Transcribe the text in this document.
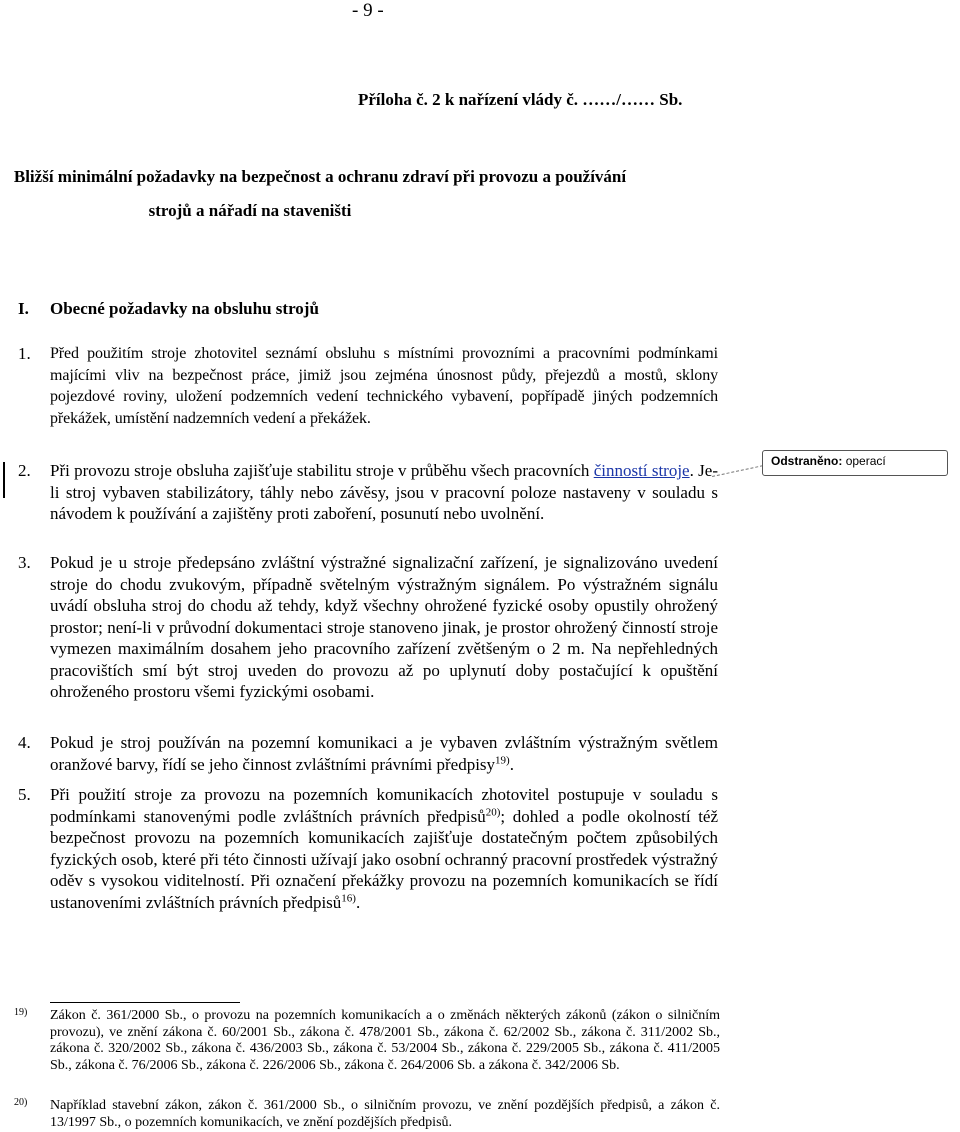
- 9 -
Příloha č. 2 k nařízení vlády č. ……/…… Sb.
Bližší minimální požadavky na bezpečnost a ochranu zdraví při provozu a používání
strojů a nářadí na staveništi
I. Obecné požadavky na obsluhu strojů
1. Před použitím stroje zhotovitel seznámí obsluhu s místními provozními a pracovními podmínkami majícími vliv na bezpečnost práce, jimiž jsou zejména únosnost půdy, přejezdů a mostů, sklony pojezdové roviny, uložení podzemních vedení technického vybavení, popřípadě jiných podzemních překážek, umístění nadzemních vedení a překážek.
2. Při provozu stroje obsluha zajišťuje stabilitu stroje v průběhu všech pracovních činností stroje. Je-li stroj vybaven stabilizátory, táhly nebo závěsy, jsou v pracovní poloze nastaveny v souladu s návodem k používání a zajištěny proti zaboření, posunutí nebo uvolnění.
Odstraněno: operací
3. Pokud je u stroje předepsáno zvláštní výstražné signalizační zařízení, je signalizováno uvedení stroje do chodu zvukovým, případně světelným výstražným signálem. Po výstražném signálu uvádí obsluha stroj do chodu až tehdy, když všechny ohrožené fyzické osoby opustily ohrožený prostor; není-li v průvodní dokumentaci stroje stanoveno jinak, je prostor ohrožený činností stroje vymezen maximálním dosahem jeho pracovního zařízení zvětšeným o 2 m. Na nepřehledných pracovištích smí být stroj uveden do provozu až po uplynutí doby postačující k opuštění ohroženého prostoru všemi fyzickými osobami.
4. Pokud je stroj používán na pozemní komunikaci a je vybaven zvláštním výstražným světlem oranžové barvy, řídí se jeho činnost zvláštními právními předpisy$^{19)}$.
5. Při použití stroje za provozu na pozemních komunikacích zhotovitel postupuje v souladu s podmínkami stanovenými podle zvláštních právních předpisů$^{20)}$; dohled a podle okolností též bezpečnost provozu na pozemních komunikacích zajišťuje dostatečným počtem způsobilých fyzických osob, které při této činnosti užívají jako osobní ochranný pracovní prostředek výstražný oděv s vysokou viditelností. Při označení překážky provozu na pozemních komunikacích se řídí ustanoveními zvláštních právních předpisů$^{16)}$.
19) Zákon č. 361/2000 Sb., o provozu na pozemních komunikacích a o změnách některých zákonů (zákon o silničním provozu), ve znění zákona č. 60/2001 Sb., zákona č. 478/2001 Sb., zákona č. 62/2002 Sb., zákona č. 311/2002 Sb., zákona č. 320/2002 Sb., zákona č. 436/2003 Sb., zákona č. 53/2004 Sb., zákona č. 229/2005 Sb., zákona č. 411/2005 Sb., zákona č. 76/2006 Sb., zákona č. 226/2006 Sb., zákona č. 264/2006 Sb. a zákona č. 342/2006 Sb.
20) Například stavební zákon, zákon č. 361/2000 Sb., o silničním provozu, ve znění pozdějších předpisů, a zákon č. 13/1997 Sb., o pozemních komunikacích, ve znění pozdějších předpisů.
